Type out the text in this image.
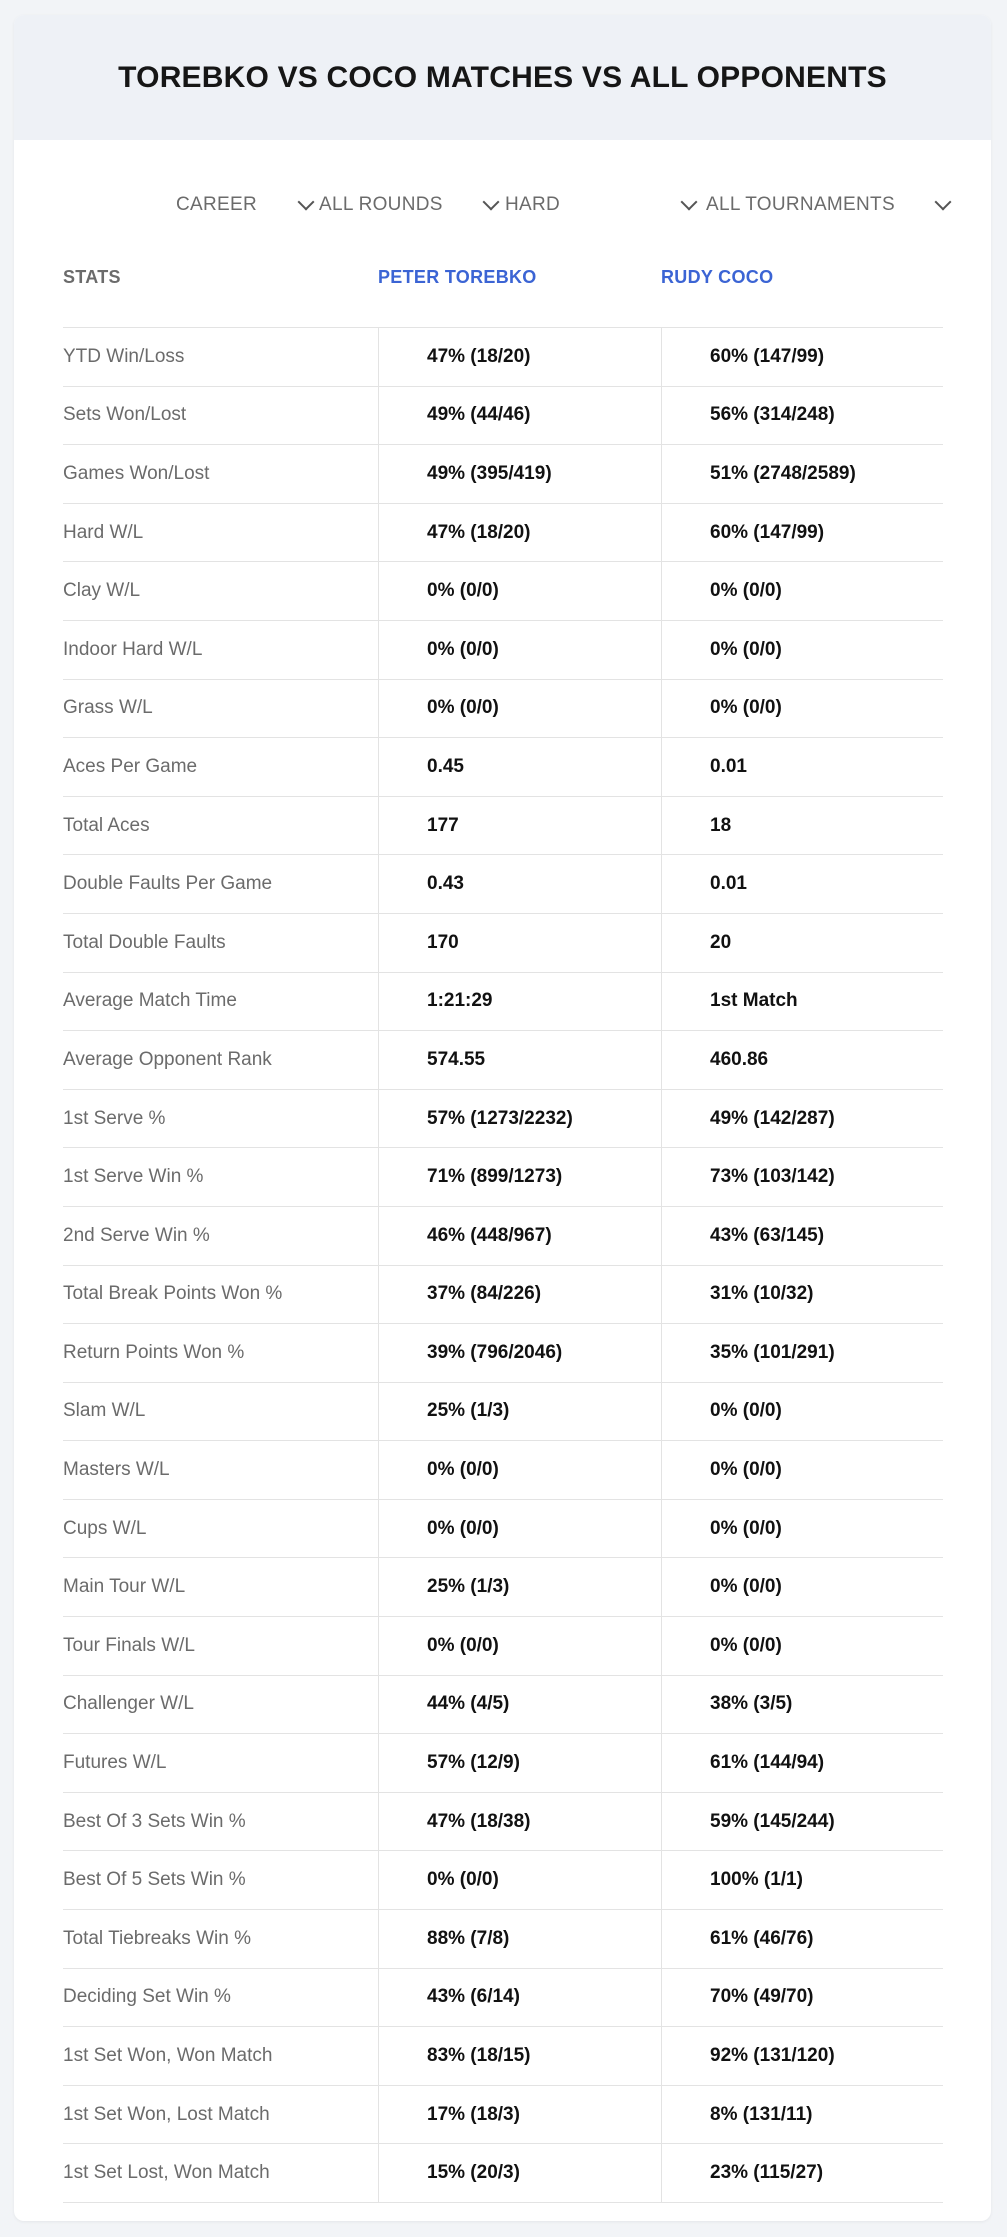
TOREBKO VS COCO MATCHES VS ALL OPPONENTS
CAREER	ALL ROUNDS	HARD	ALL TOURNAMENTS
STATS	PETER TOREBKO	RUDY COCO
YTD Win/Loss	47% (18/20)	60% (147/99)
Sets Won/Lost	49% (44/46)	56% (314/248)
Games Won/Lost	49% (395/419)	51% (2748/2589)
Hard W/L	47% (18/20)	60% (147/99)
Clay W/L	0% (0/0)	0% (0/0)
Indoor Hard W/L	0% (0/0)	0% (0/0)
Grass W/L	0% (0/0)	0% (0/0)
Aces Per Game	0.45	0.01
Total Aces	177	18
Double Faults Per Game	0.43	0.01
Total Double Faults	170	20
Average Match Time	1:21:29	1st Match
Average Opponent Rank	574.55	460.86
1st Serve %	57% (1273/2232)	49% (142/287)
1st Serve Win %	71% (899/1273)	73% (103/142)
2nd Serve Win %	46% (448/967)	43% (63/145)
Total Break Points Won %	37% (84/226)	31% (10/32)
Return Points Won %	39% (796/2046)	35% (101/291)
Slam W/L	25% (1/3)	0% (0/0)
Masters W/L	0% (0/0)	0% (0/0)
Cups W/L	0% (0/0)	0% (0/0)
Main Tour W/L	25% (1/3)	0% (0/0)
Tour Finals W/L	0% (0/0)	0% (0/0)
Challenger W/L	44% (4/5)	38% (3/5)
Futures W/L	57% (12/9)	61% (144/94)
Best Of 3 Sets Win %	47% (18/38)	59% (145/244)
Best Of 5 Sets Win %	0% (0/0)	100% (1/1)
Total Tiebreaks Win %	88% (7/8)	61% (46/76)
Deciding Set Win %	43% (6/14)	70% (49/70)
1st Set Won, Won Match	83% (18/15)	92% (131/120)
1st Set Won, Lost Match	17% (18/3)	8% (131/11)
1st Set Lost, Won Match	15% (20/3)	23% (115/27)
